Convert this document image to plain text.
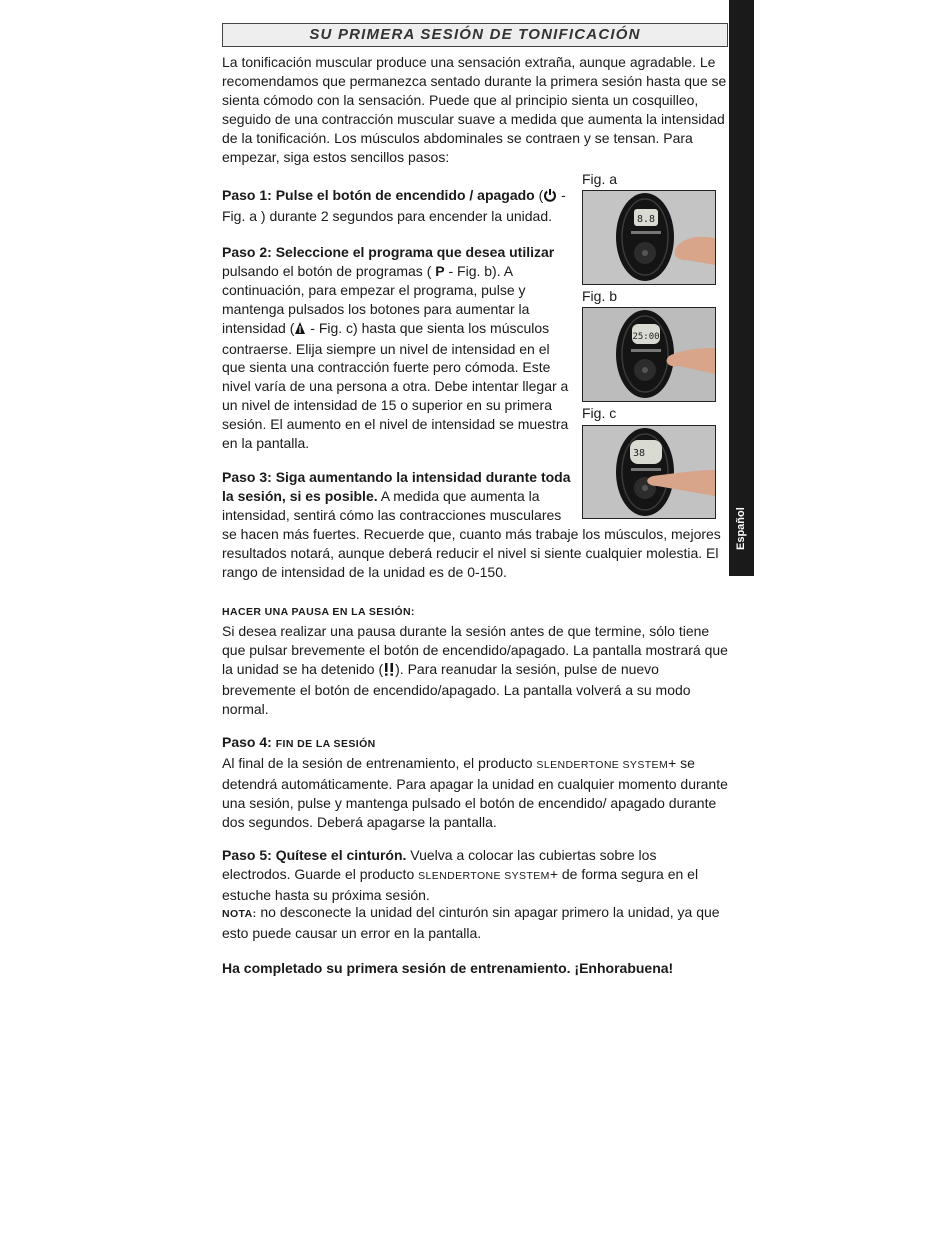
SU PRIMERA SESIÓN DE TONIFICACIÓN
Español

La tonificación muscular produce una sensación extraña, aunque agradable. Le recomendamos que permanezca sentado durante la primera sesión hasta que se sienta cómodo con la sensación. Puede que al principio sienta un cosquilleo, seguido de una contracción muscular suave a medida que aumenta la intensidad de la tonificación. Los músculos abdominales se contraen y se tensan. Para empezar, siga estos sencillos pasos:

Paso 1: Pulse el botón de encendido / apagado ( - Fig. a ) durante 2 segundos para encender la unidad.

Paso 2: Seleccione el programa que desea utilizar pulsando el botón de programas ( P - Fig. b). A continuación, para empezar el programa, pulse y mantenga pulsados los botones para aumentar la intensidad ( - Fig. c) hasta que sienta los músculos contraerse. Elija siempre un nivel de intensidad en el que sienta una contracción fuerte pero cómoda. Este nivel varía de una persona a otra. Debe intentar llegar a un nivel de intensidad de 15 o superior en su primera sesión. El aumento en el nivel de intensidad se muestra en la pantalla.

Paso 3: Siga aumentando la intensidad durante toda la sesión, si es posible. A medida que aumenta la intensidad, sentirá cómo las contracciones musculares

se hacen más fuertes. Recuerde que, cuanto más trabaje los músculos, mejores resultados notará, aunque deberá reducir el nivel si siente cualquier molestia. El rango de intensidad de la unidad es de 0-150.

HACER UNA PAUSA EN LA SESIÓN:
Si desea realizar una pausa durante la sesión antes de que termine, sólo tiene que pulsar brevemente el botón de encendido/apagado. La pantalla mostrará que la unidad se ha detenido ( ). Para reanudar la sesión, pulse de nuevo brevemente el botón de encendido/apagado. La pantalla volverá a su modo normal.

Paso 4: FIN DE LA SESIÓN
Al final de la sesión de entrenamiento, el producto SLENDERTONE SYSTEM+ se detendrá automáticamente. Para apagar la unidad en cualquier momento durante una sesión, pulse y mantenga pulsado el botón de encendido/ apagado durante dos segundos. Deberá apagarse la pantalla.

Paso 5: Quítese el cinturón. Vuelva a colocar las cubiertas sobre los electrodos. Guarde el producto SLENDERTONE SYSTEM+ de forma segura en el estuche hasta su próxima sesión.

NOTA: no desconecte la unidad del cinturón sin apagar primero la unidad, ya que esto puede causar un error en la pantalla.

Ha completado su primera sesión de entrenamiento. ¡Enhorabuena!

Fig. a
8.8
Fig. b
25:00
Fig. c
38
